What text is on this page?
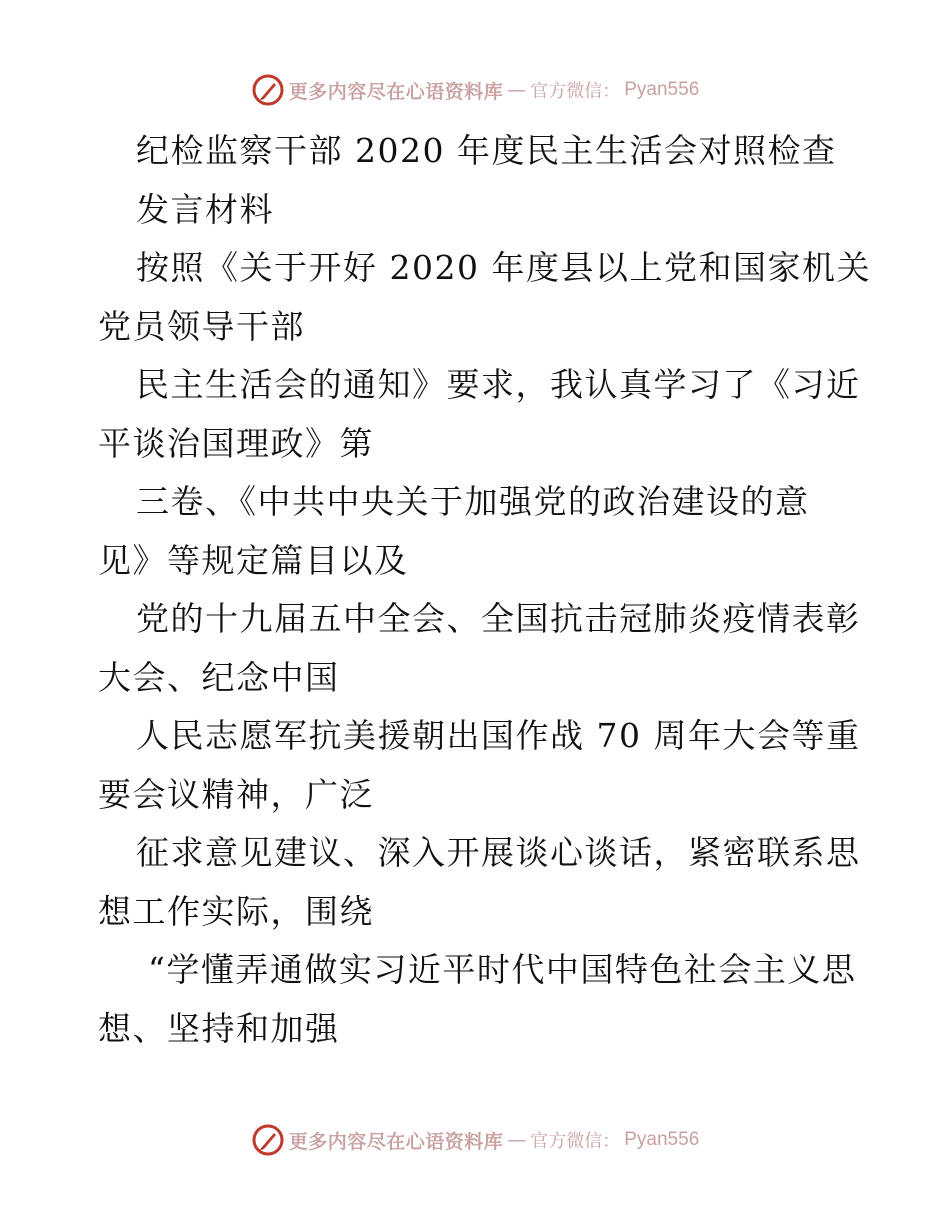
更多内容尽在心语资料库 — 官方微信： Pyan556
纪检监察干部 2020 年度民主生活会对照检查
发言材料
按照《关于开好 2020 年度县以上党和国家机关
党员领导干部
民主生活会的通知》要求，我认真学习了《习近
平谈治国理政》第
三卷、《中共中央关于加强党的政治建设的意
见》等规定篇目以及
党的十九届五中全会、全国抗击冠肺炎疫情表彰
大会、纪念中国
人民志愿军抗美援朝出国作战 70 周年大会等重
要会议精神，广泛
征求意见建议、深入开展谈心谈话，紧密联系思
想工作实际，围绕
“学懂弄通做实习近平时代中国特色社会主义思
想、坚持和加强
更多内容尽在心语资料库 — 官方微信： Pyan556
